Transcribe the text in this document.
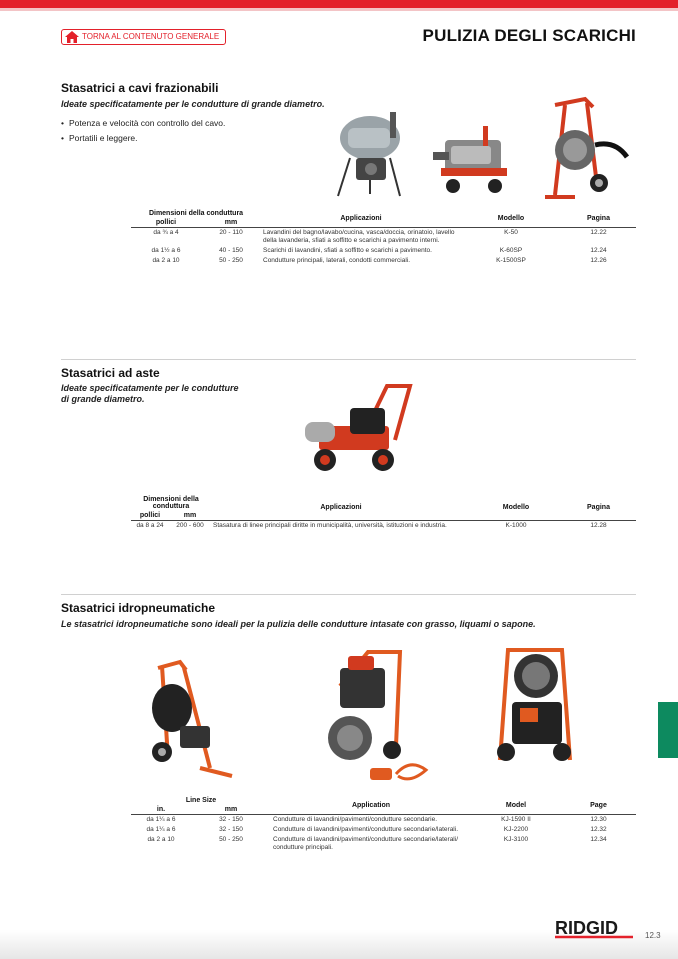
TORNA AL CONTENUTO GENERALE	PULIZIA DEGLI SCARICHI
Stasatrici a cavi frazionabili
Ideate specificatamente per le condutture di grande diametro.
• Potenza e velocità con controllo del cavo.
• Portatili e leggere.
Dimensioni della conduttura		Applicazioni	Modello	Pagina
pollici	mm			
da ¾ a 4	20 - 110	Lavandini del bagno/lavabo/cucina, vasca/doccia, orinatoio, lavello della lavanderia, sfiati a soffitto e scarichi a pavimento interni.	K-50	12.22
da 1½ a 6	40 - 150	Scarichi di lavandini, sfiati a soffitto e scarichi a pavimento.	K-60SP	12.24
da 2 a 10	50 - 250	Condutture principali, laterali, condotti commerciali.	K-1500SP	12.26
Stasatrici ad aste
Ideate specificatamente per le condutture
di grande diametro.
Dimensioni della conduttura		Applicazioni	Modello	Pagina
pollici	mm			
da 8 a 24	200 - 600	Stasatura di linee principali diritte in municipalità, università, istituzioni e industria.	K-1000	12.28
Stasatrici idropneumatiche
Le stasatrici idropneumatiche sono ideali per la pulizia delle condutture intasate con grasso, liquami o sapone.
Line Size		Application	Model	Page
in.	mm			
da 1¼ a 6	32 - 150	Condutture di lavandini/pavimenti/condutture secondarie.	KJ-1590 II	12.30
da 1¼ a 6	32 - 150	Condutture di lavandini/pavimenti/condutture secondarie/laterali.	KJ-2200	12.32
da 2 a 10	50 - 250	Condutture di lavandini/pavimenti/condutture secondarie/laterali/ condutture principali.	KJ-3100	12.34
RIDGID	12.3
